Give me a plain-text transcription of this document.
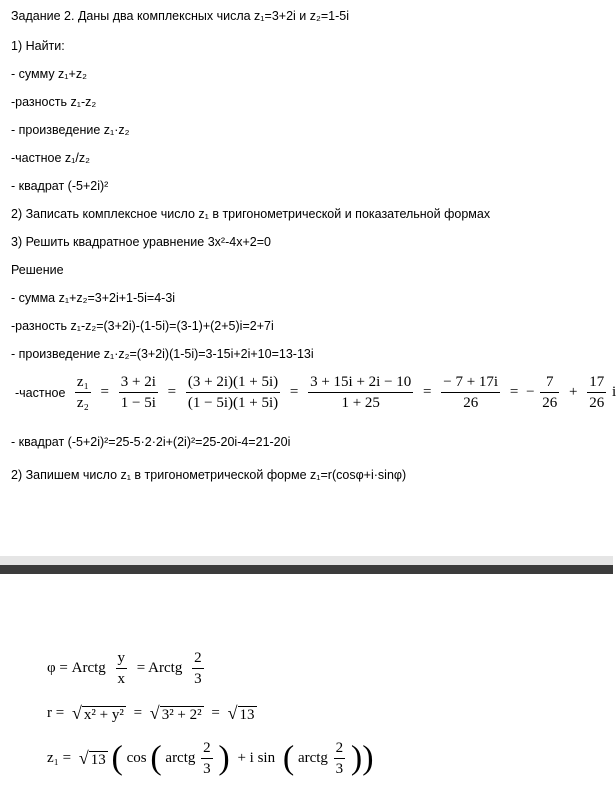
Задание 2. Даны два комплексных числа z₁=3+2i и z₂=1-5i
1) Найти:
- сумму z₁+z₂
-разность z₁-z₂
- произведение z₁·z₂
-частное z₁/z₂
- квадрат (-5+2i)²
2) Записать комплексное число z₁ в тригонометрической и показательной формах
3) Решить квадратное уравнение 3x²-4x+2=0
Решение
- сумма z₁+z₂=3+2i+1-5i=4-3i
-разность z₁-z₂=(3+2i)-(1-5i)=(3-1)+(2+5)i=2+7i
- произведение z₁·z₂=(3+2i)(1-5i)=3-15i+2i+10=13-13i
-частное $\frac{\text{z₁}}{\text{z₂}} = \frac{3 + 2i}{1 - 5i} = \frac{(3 + 2i)(1 + 5i)}{(1 - 5i)(1 + 5i)} = \frac{3 + 15i + 2i - 10}{1 + 25} = \frac{- 7 + 17i}{26}$ = − $\frac{7}{26} + \frac{17}{26}$ i
- квадрат (-5+2i)²=25-5·2·2i+(2i)²=25-20i-4=21-20i
2) Запишем число z₁ в тригонометрической форме z₁=r(cosφ+i·sinφ)
φ = Arctg $\frac{y}{x}$ = Arctg $\frac{2}{3}$
r = √ x² + y² = √ 3² + 2² = √ 13
z₁ = √ 13 ( cos ( arctg $\frac{2}{3}$ ) + i sin ( arctg $\frac{2}{3}$ ))
